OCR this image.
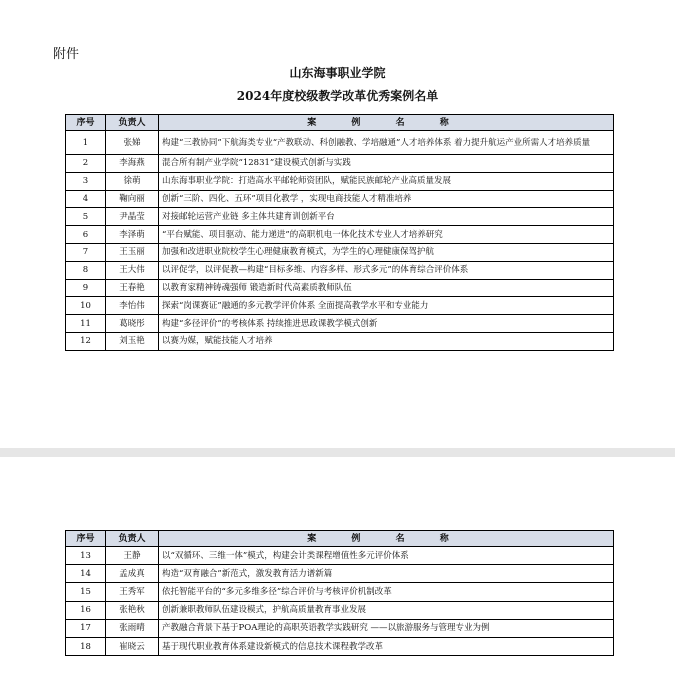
附件
山东海事职业学院
2024年度校级教学改革优秀案例名单
序号	负责人	案 例 名 称
1	张娣	构建“三教协同”下航海类专业“产教联动、科创融教、学培融通”人才培养体系 着力提升航运产业所需人才培养质量
2	李海燕	混合所有制产业学院“12831”建设模式创新与实践
3	徐萌	山东海事职业学院：打造高水平邮轮师资团队，赋能民族邮轮产业高质量发展
4	鞠向丽	创新“三阶、四化、五环”项目化教学 ，实现电商技能人才精准培养
5	尹晶莹	对接邮轮运营产业链 多主体共建育训创新平台
6	李泽萌	“平台赋能、项目驱动、能力递进”的高职机电一体化技术专业人才培养研究
7	王玉丽	加强和改进职业院校学生心理健康教育模式，为学生的心理健康保驾护航
8	王大伟	以评促学，以评促教—构建“目标多维、内容多样、形式多元”的体育综合评价体系
9	王春艳	以教育家精神铸魂强师 锻造新时代高素质教师队伍
10	李怡伟	探索“岗课赛证”融通的多元教学评价体系 全面提高教学水平和专业能力
11	葛晓彤	构建“多径评价”的考核体系 持续推进思政课教学模式创新
12	刘玉艳	以赛为媒，赋能技能人才培养
序号	负责人	案 例 名 称
13	王静	以“双循环、三维一体”模式，构建会计类课程增值性多元评价体系
14	孟成真	构造“双育融合”新范式，激发教育活力谱新篇
15	王秀军	依托智能平台的“多元多维多径”综合评价与考核评价机制改革
16	张艳秋	创新兼职教师队伍建设模式，护航高质量教育事业发展
17	张雨晴	产教融合背景下基于POA理论的高职英语教学实践研究 ——以旅游服务与管理专业为例
18	崔晓云	基于现代职业教育体系建设新模式的信息技术课程教学改革
